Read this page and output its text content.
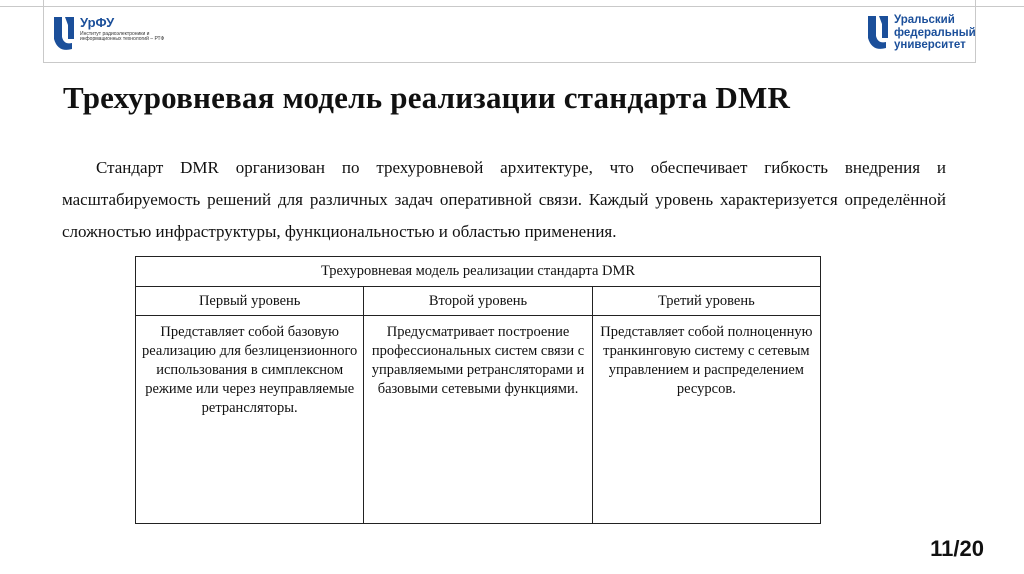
УрФУ
Институт радиоэлектроники и информационных технологий – РТФ
Уральский
федеральный
университет
Трехуровневая модель реализации стандарта DMR

Стандарт DMR организован по трехуровневой архитектуре, что обеспечивает гибкость внедрения и масштабируемость решений для различных задач оперативной связи. Каждый уровень характеризуется определённой сложностью инфраструктуры, функциональностью и областью применения.

Трехуровневая модель реализации стандарта DMR		
Первый уровень	Второй уровень	Третий уровень
Представляет собой базовую реализацию для безлицензионного использования в симплексном режиме или через неуправляемые ретрансляторы.	Предусматривает построение профессиональных систем связи с управляемыми ретрансляторами и базовыми сетевыми функциями.	Представляет собой полноценную транкинговую систему с сетевым управлением и распределением ресурсов.
11/20
